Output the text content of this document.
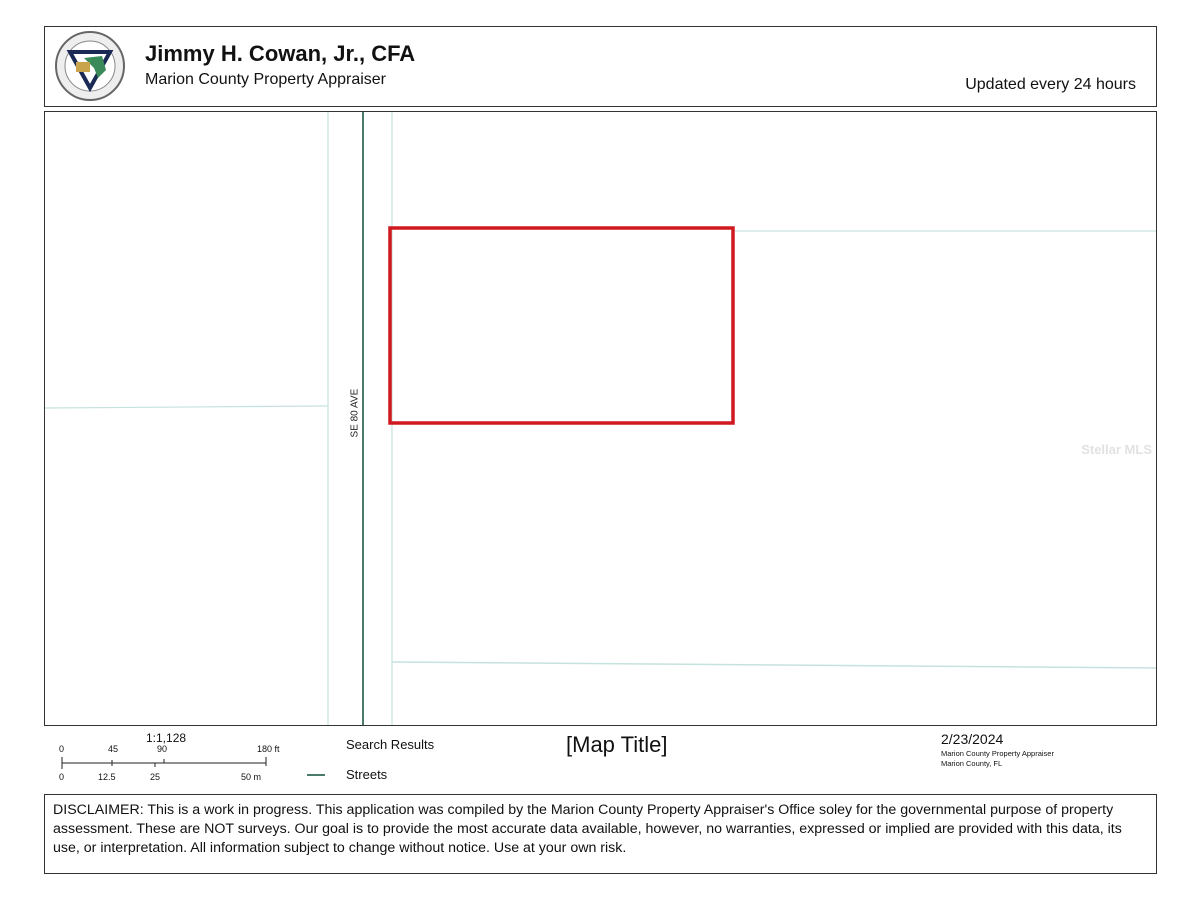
Jimmy H. Cowan, Jr., CFA
Marion County Property Appraiser	Updated every 24 hours
SE 80 AVE
Stellar MLS
1:1,128
0	45	90	180 ft
0	12.5	25	50 m
Search Results
Streets
[Map Title]	2/23/2024
Marion County Property Appraiser
Marion County, FL
DISCLAIMER: This is a work in progress. This application was compiled by the Marion County Property Appraiser's Office soley for the governmental purpose of property assessment. These are NOT surveys. Our goal is to provide the most accurate data available, however, no warranties, expressed or implied are provided with this data, its use, or interpretation. All information subject to change without notice. Use at your own risk.
